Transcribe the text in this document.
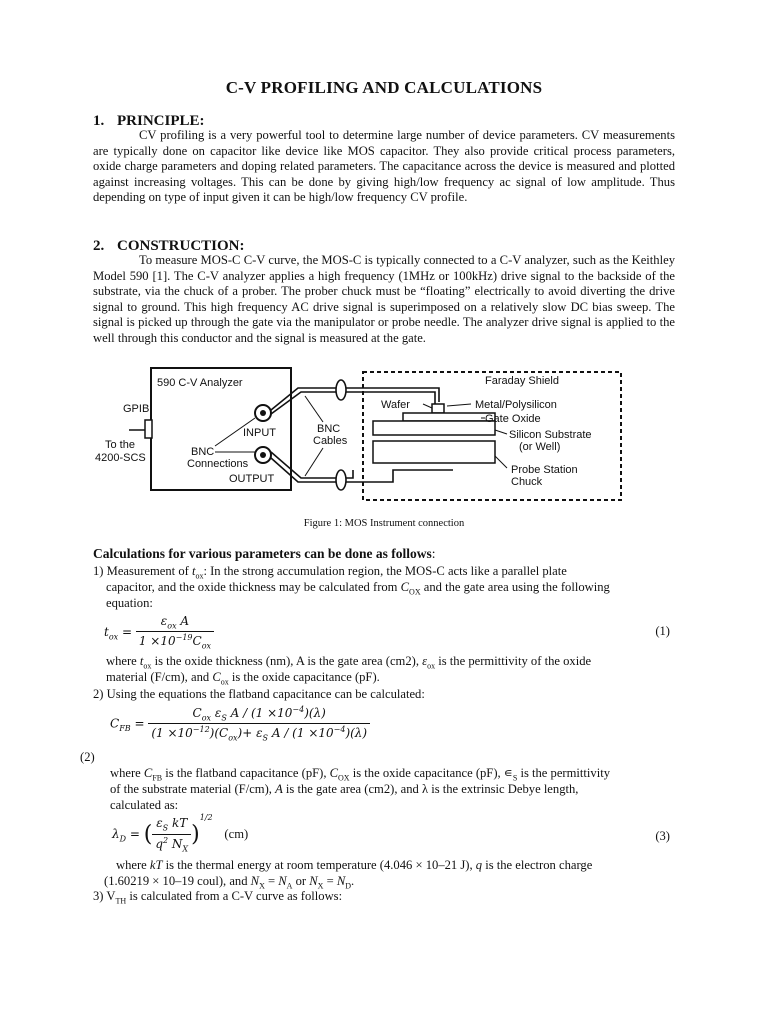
C-V PROFILING AND CALCULATIONS
1. PRINCIPLE:

CV profiling is a very powerful tool to determine large number of device parameters. CV measurements are typically done on capacitor like device like MOS capacitor. They also provide critical process parameters, oxide charge parameters and doping related parameters. The capacitance across the device is measured and plotted against increasing voltages. This can be done by giving high/low frequency ac signal of low amplitude. Thus depending on type of input given it can be high/low frequency CV profile.

2. CONSTRUCTION:

To measure MOS-C C-V curve, the MOS-C is typically connected to a C-V analyzer, such as the Keithley Model 590 [1]. The C-V analyzer applies a high frequency (1MHz or 100kHz) drive signal to the backside of the substrate, via the chuck of a prober. The prober chuck must be “floating” electrically to avoid diverting the drive signal to ground. This high frequency AC drive signal is superimposed on a relatively slow DC bias sweep. The signal is picked up through the gate via the manipulator or probe needle. The analyzer drive signal is applied to the well through this conductor and the signal is measured at the gate.

590 C-V Analyzer
GPIB
To the
4200-SCS
INPUT
OUTPUT
BNC
Connections
BNC
Cables
Faraday Shield
Wafer	Metal/Polysilicon
Gate Oxide
Silicon Substrate
(or Well)
Probe Station
Chuck
Figure 1: MOS Instrument connection
Calculations for various parameters can be done as follows:

1) Measurement of $t_{ox}$: In the strong accumulation region, the MOS-C acts like a parallel plate

capacitor, and the oxide thickness may be calculated from $C_{OX}$ and the gate area using the following

equation:

$t_{ox} = \frac{\varepsilon_{ox} A}{1 \times 10^{-19}C_{ox}}$	(1)

where $t_{ox}$ is the oxide thickness (nm), A is the gate area (cm2), $\varepsilon_{ox}$ is the permittivity of the oxide

material (F/cm), and $C_{ox}$ is the oxide capacitance (pF).

2) Using the equations the flatband capacitance can be calculated:

$C_{FB} = \frac{C_{ox} \varepsilon_S A / (1 \times 10^{-4})(\lambda)}{(1 \times 10^{-12})(C_{ox})+ \varepsilon_S A / (1 \times 10^{-4})(\lambda)}$
(2)

where $C_{FB}$ is the flatband capacitance (pF), $C_{OX}$ is the oxide capacitance (pF), $∊_S$ is the permittivity

of the substrate material (F/cm), A is the gate area (cm2), and λ is the extrinsic Debye length,

calculated as:

$\lambda_D$ = ( $\frac{\varepsilon_S kT}{q^2 N_X} )^{1/2}$ (cm)	(3)

where kT is the thermal energy at room temperature (4.046 × 10–21 J), q is the electron charge

(1.60219 × 10–19 coul), and $N_X = N_A$ or $N_X = N_D$.

3) $V_{TH}$ is calculated from a C-V curve as follows:
